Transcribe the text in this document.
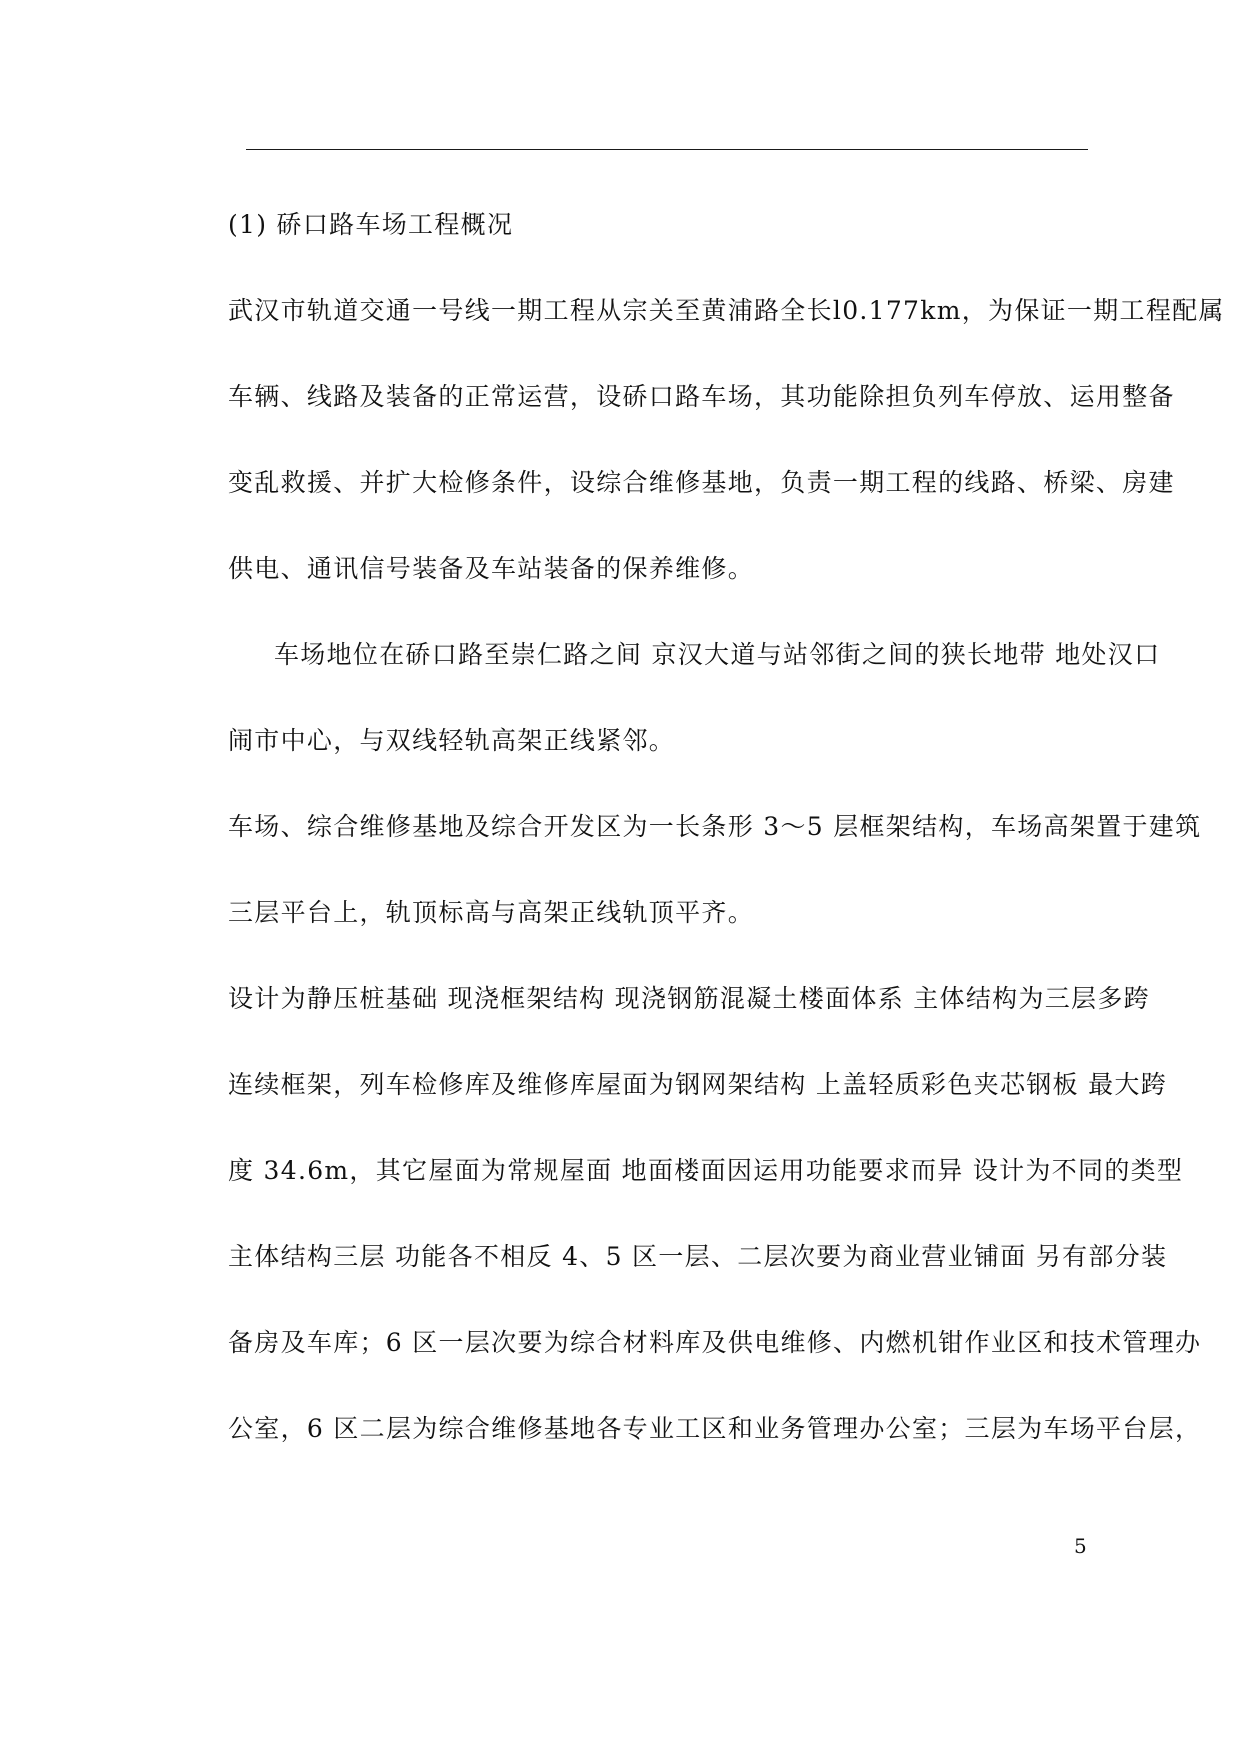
(1) 硚口路车场工程概况
武汉市轨道交通一号线一期工程从宗关至黄浦路全长l0.177km，为保证一期工程配属
车辆、线路及装备的正常运营，设硚口路车场，其功能除担负列车停放、运用整备
变乱救援、并扩大检修条件，设综合维修基地，负责一期工程的线路、桥梁、房建
供电、通讯信号装备及车站装备的保养维修。
车场地位在硚口路至崇仁路之间 京汉大道与站邻街之间的狭长地带 地处汉口
闹市中心，与双线轻轨高架正线紧邻。
车场、综合维修基地及综合开发区为一长条形 3～5 层框架结构，车场高架置于建筑
三层平台上，轨顶标高与高架正线轨顶平齐。
设计为静压桩基础 现浇框架结构 现浇钢筋混凝土楼面体系 主体结构为三层多跨
连续框架，列车检修库及维修库屋面为钢网架结构 上盖轻质彩色夹芯钢板 最大跨
度 34.6m，其它屋面为常规屋面 地面楼面因运用功能要求而异 设计为不同的类型
主体结构三层 功能各不相反 4、5 区一层、二层次要为商业营业铺面 另有部分装
备房及车库；6 区一层次要为综合材料库及供电维修、内燃机钳作业区和技术管理办
公室，6 区二层为综合维修基地各专业工区和业务管理办公室；三层为车场平台层，
5
